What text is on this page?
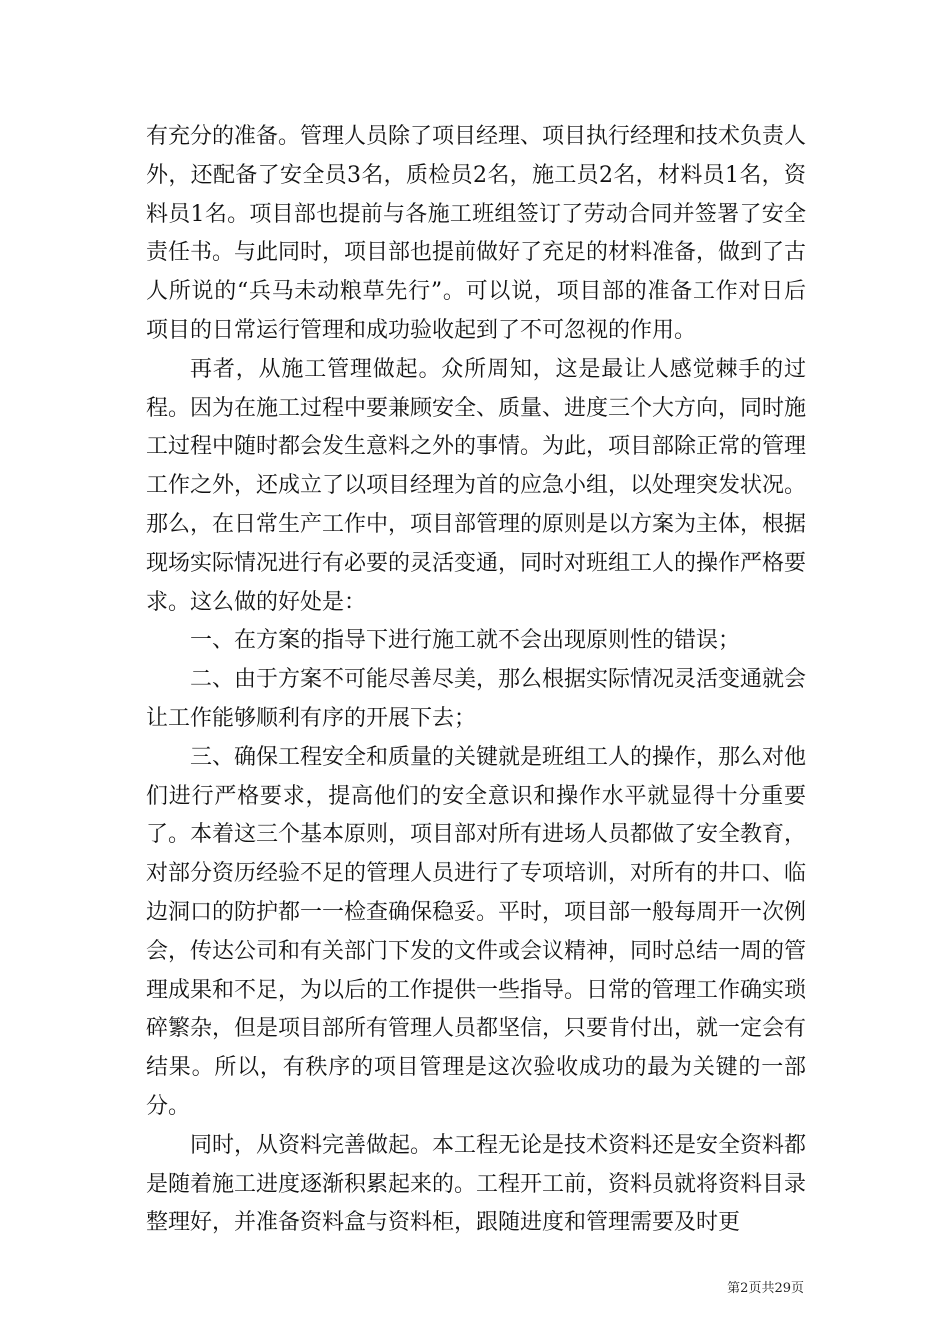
有充分的准备。管理人员除了项目经理、项目执行经理和技术负责人外，还配备了安全员3名，质检员2名，施工员2名，材料员1名，资料员1名。项目部也提前与各施工班组签订了劳动合同并签署了安全责任书。与此同时，项目部也提前做好了充足的材料准备，做到了古人所说的“兵马未动粮草先行”。可以说，项目部的准备工作对日后项目的日常运行管理和成功验收起到了不可忽视的作用。

再者，从施工管理做起。众所周知，这是最让人感觉棘手的过程。因为在施工过程中要兼顾安全、质量、进度三个大方向，同时施工过程中随时都会发生意料之外的事情。为此，项目部除正常的管理工作之外，还成立了以项目经理为首的应急小组，以处理突发状况。那么，在日常生产工作中，项目部管理的原则是以方案为主体，根据现场实际情况进行有必要的灵活变通，同时对班组工人的操作严格要求。这么做的好处是：

一、在方案的指导下进行施工就不会出现原则性的错误；

二、由于方案不可能尽善尽美，那么根据实际情况灵活变通就会让工作能够顺利有序的开展下去；

三、确保工程安全和质量的关键就是班组工人的操作，那么对他们进行严格要求，提高他们的安全意识和操作水平就显得十分重要了。本着这三个基本原则，项目部对所有进场人员都做了安全教育，对部分资历经验不足的管理人员进行了专项培训，对所有的井口、临边洞口的防护都一一检查确保稳妥。平时，项目部一般每周开一次例会，传达公司和有关部门下发的文件或会议精神，同时总结一周的管理成果和不足，为以后的工作提供一些指导。日常的管理工作确实琐碎繁杂，但是项目部所有管理人员都坚信，只要肯付出，就一定会有结果。所以，有秩序的项目管理是这次验收成功的最为关键的一部分。

同时，从资料完善做起。本工程无论是技术资料还是安全资料都是随着施工进度逐渐积累起来的。工程开工前，资料员就将资料目录整理好，并准备资料盒与资料柜，跟随进度和管理需要及时更

第2页共29页
